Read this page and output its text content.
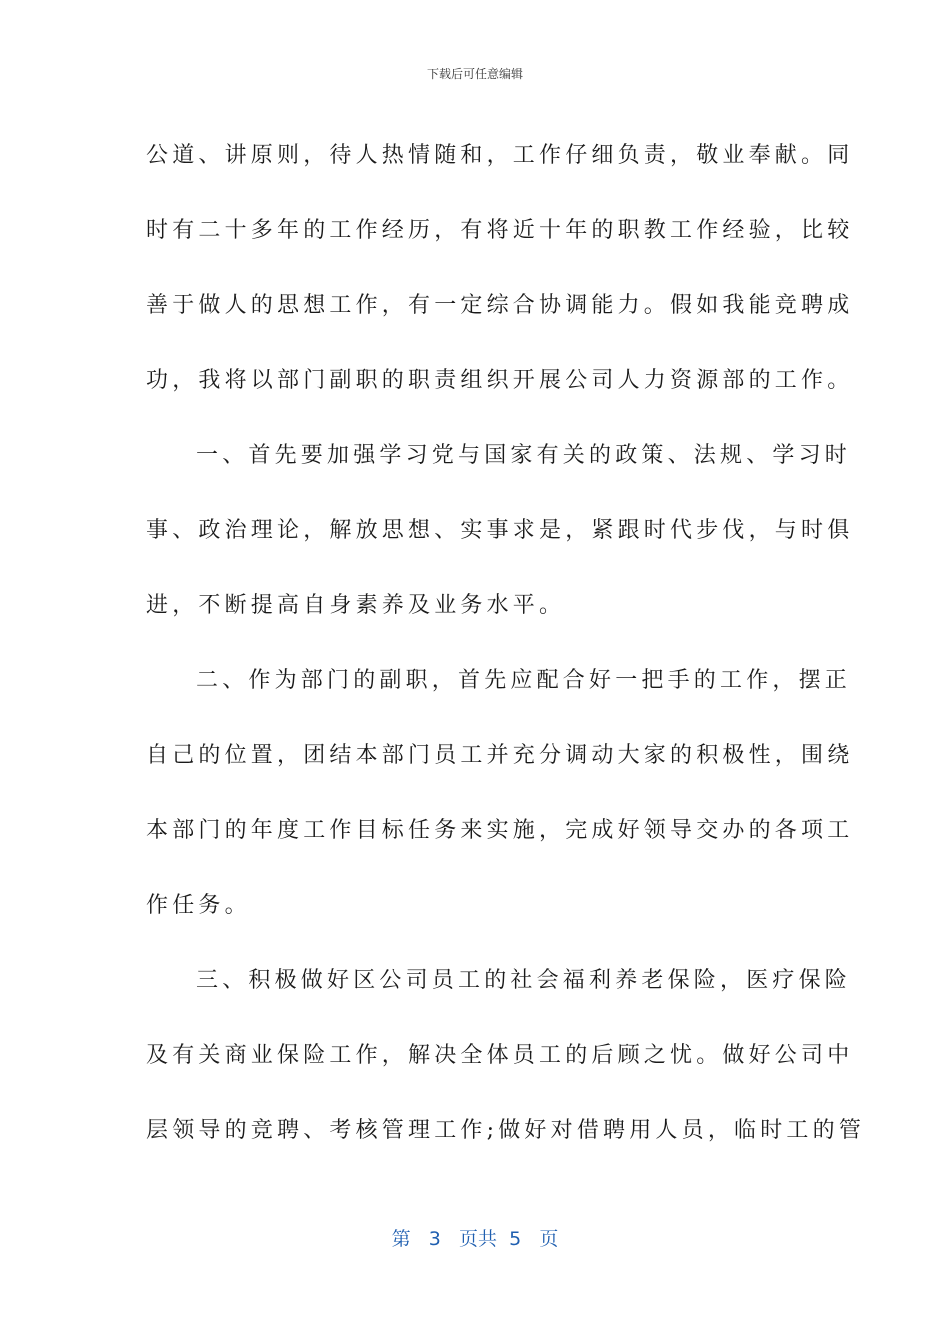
下载后可任意编辑
公道、讲原则，待人热情随和，工作仔细负责，敬业奉献。同
时有二十多年的工作经历，有将近十年的职教工作经验，比较
善于做人的思想工作，有一定综合协调能力。假如我能竞聘成
功，我将以部门副职的职责组织开展公司人力资源部的工作。
一、首先要加强学习党与国家有关的政策、法规、学习时
事、政治理论，解放思想、实事求是，紧跟时代步伐，与时俱
进，不断提高自身素养及业务水平。
二、作为部门的副职，首先应配合好一把手的工作，摆正
自己的位置，团结本部门员工并充分调动大家的积极性，围绕
本部门的年度工作目标任务来实施，完成好领导交办的各项工
作任务。
三、积极做好区公司员工的社会福利养老保险，医疗保险
及有关商业保险工作，解决全体员工的后顾之忧。做好公司中
层领导的竞聘、考核管理工作;做好对借聘用人员，临时工的管
第 3 页共 5 页
